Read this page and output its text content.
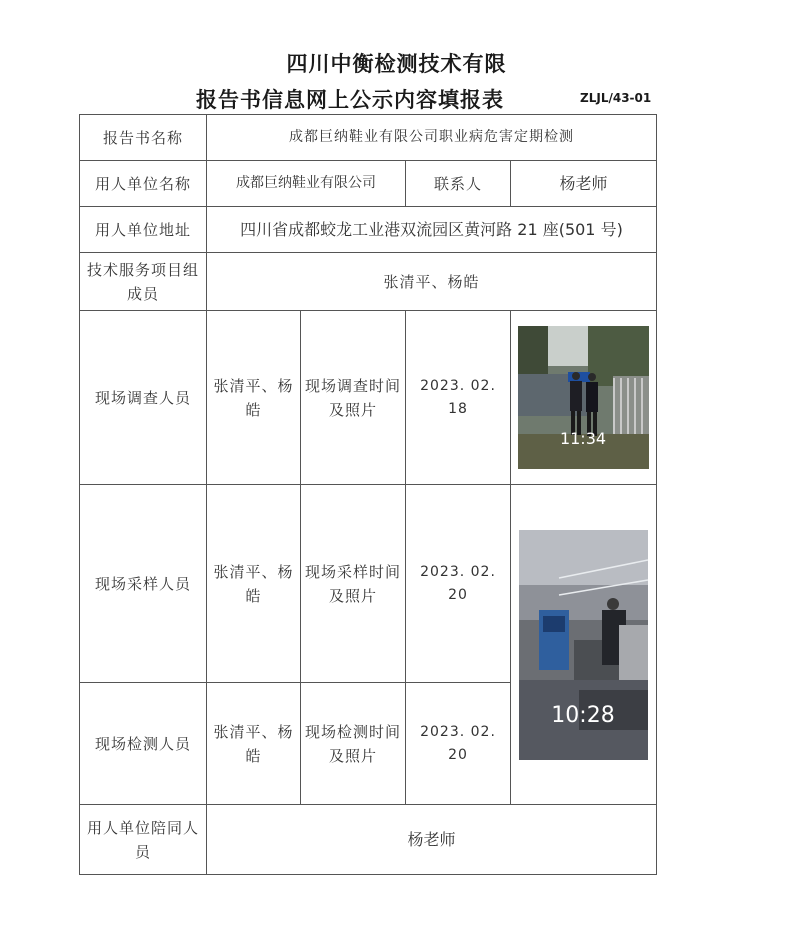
四川中衡检测技术有限
报告书信息网上公示内容填报表	ZLJL/43-01
报告书名称	成都巨纳鞋业有限公司职业病危害定期检测			
用人单位名称	成都巨纳鞋业有限公司		联系人	杨老师
用人单位地址	四川省成都蛟龙工业港双流园区黄河路 21 座(501 号)			
技术服务项目组成员	张清平、杨皓			
现场调查人员	张清平、杨皓	现场调查时间及照片	2023. 02. 18	11:34

现场采样人员	张清平、杨皓	现场采样时间及照片	2023. 02. 20	10:28

现场检测人员	张清平、杨皓	现场检测时间及照片	2023. 02. 20	
用人单位陪同人员	杨老师			
